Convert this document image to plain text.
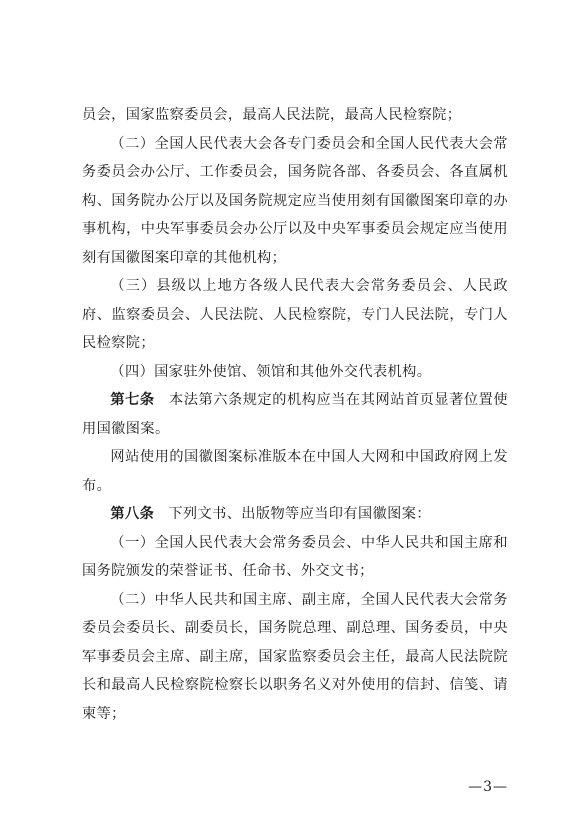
员会，国家监察委员会，最高人民法院，最高人民检察院；

（二）全国人民代表大会各专门委员会和全国人民代表大会常务委员会办公厅、工作委员会，国务院各部、各委员会、各直属机构、国务院办公厅以及国务院规定应当使用刻有国徽图案印章的办事机构，中央军事委员会办公厅以及中央军事委员会规定应当使用刻有国徽图案印章的其他机构；

（三）县级以上地方各级人民代表大会常务委员会、人民政府、监察委员会、人民法院、人民检察院，专门人民法院，专门人民检察院；

（四）国家驻外使馆、领馆和其他外交代表机构。

第七条 本法第六条规定的机构应当在其网站首页显著位置使用国徽图案。

网站使用的国徽图案标准版本在中国人大网和中国政府网上发布。

第八条 下列文书、出版物等应当印有国徽图案：

（一）全国人民代表大会常务委员会、中华人民共和国主席和国务院颁发的荣誉证书、任命书、外交文书；

（二）中华人民共和国主席、副主席，全国人民代表大会常务委员会委员长、副委员长，国务院总理、副总理、国务委员，中央军事委员会主席、副主席，国家监察委员会主任，最高人民法院院长和最高人民检察院检察长以职务名义对外使用的信封、信笺、请柬等；

—3—
